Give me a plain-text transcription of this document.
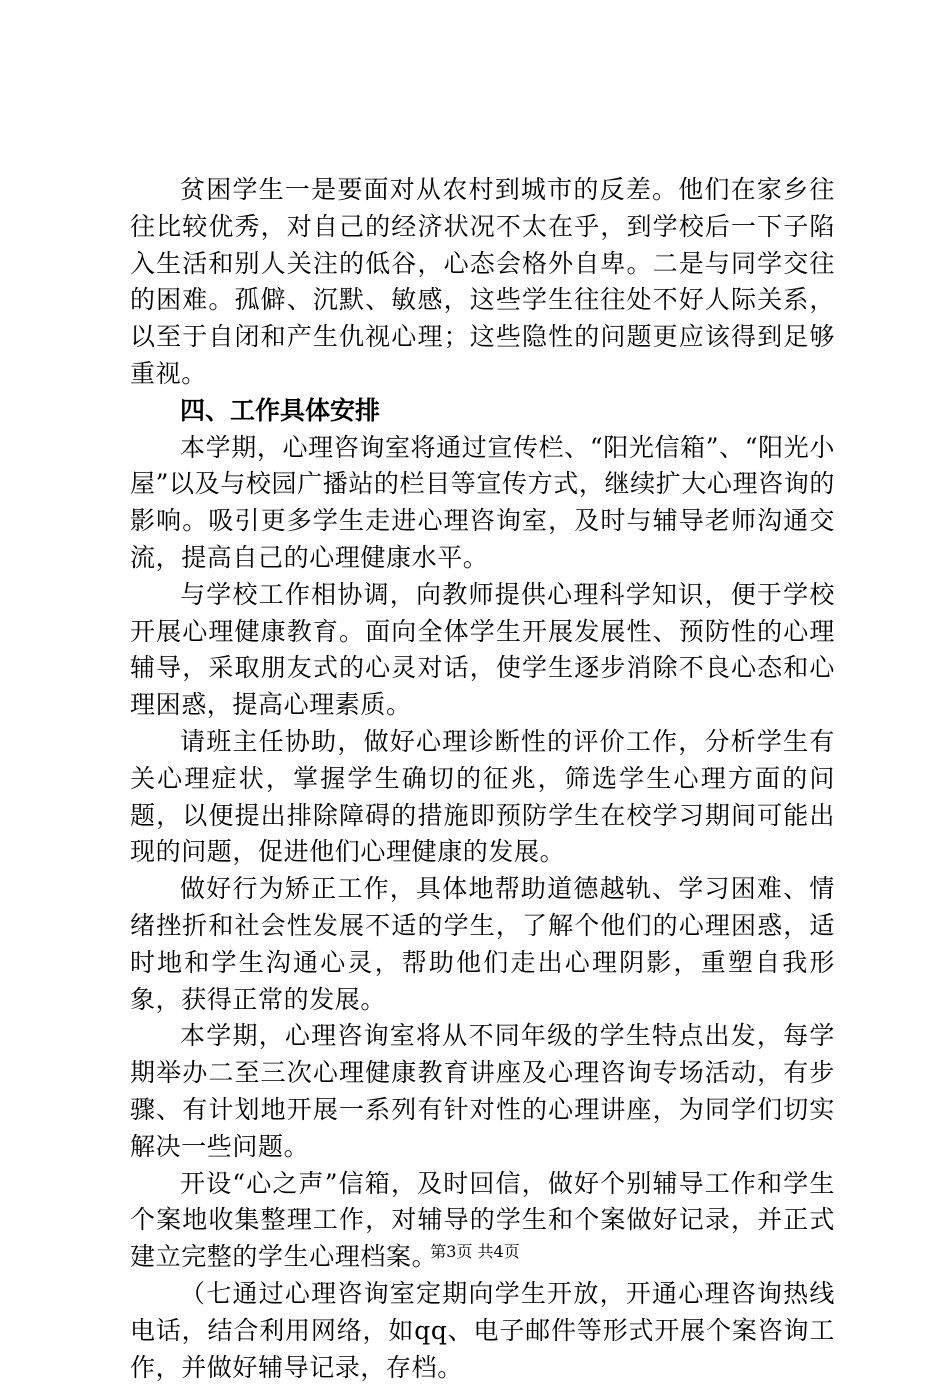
贫困学生一是要面对从农村到城市的反差。他们在家乡往往比较优秀，对自己的经济状况不太在乎，到学校后一下子陷入生活和别人关注的低谷，心态会格外自卑。二是与同学交往的困难。孤僻、沉默、敏感，这些学生往往处不好人际关系，以至于自闭和产生仇视心理；这些隐性的问题更应该得到足够重视。

四、工作具体安排

本学期，心理咨询室将通过宣传栏、“阳光信箱”、“阳光小屋”以及与校园广播站的栏目等宣传方式，继续扩大心理咨询的影响。吸引更多学生走进心理咨询室，及时与辅导老师沟通交流，提高自己的心理健康水平。

与学校工作相协调，向教师提供心理科学知识，便于学校开展心理健康教育。面向全体学生开展发展性、预防性的心理辅导，采取朋友式的心灵对话，使学生逐步消除不良心态和心理困惑，提高心理素质。

请班主任协助，做好心理诊断性的评价工作，分析学生有关心理症状，掌握学生确切的征兆，筛选学生心理方面的问题，以便提出排除障碍的措施即预防学生在校学习期间可能出现的问题，促进他们心理健康的发展。

做好行为矫正工作，具体地帮助道德越轨、学习困难、情绪挫折和社会性发展不适的学生，了解个他们的心理困惑，适时地和学生沟通心灵，帮助他们走出心理阴影，重塑自我形象，获得正常的发展。

本学期，心理咨询室将从不同年级的学生特点出发，每学期举办二至三次心理健康教育讲座及心理咨询专场活动，有步骤、有计划地开展一系列有针对性的心理讲座，为同学们切实解决一些问题。

开设“心之声”信箱，及时回信，做好个别辅导工作和学生个案地收集整理工作，对辅导的学生和个案做好记录，并正式建立完整的学生心理档案。

（七通过心理咨询室定期向学生开放，开通心理咨询热线电话，结合利用网络，如qq、电子邮件等形式开展个案咨询工作，并做好辅导记录，存档。

第3页 共4页
